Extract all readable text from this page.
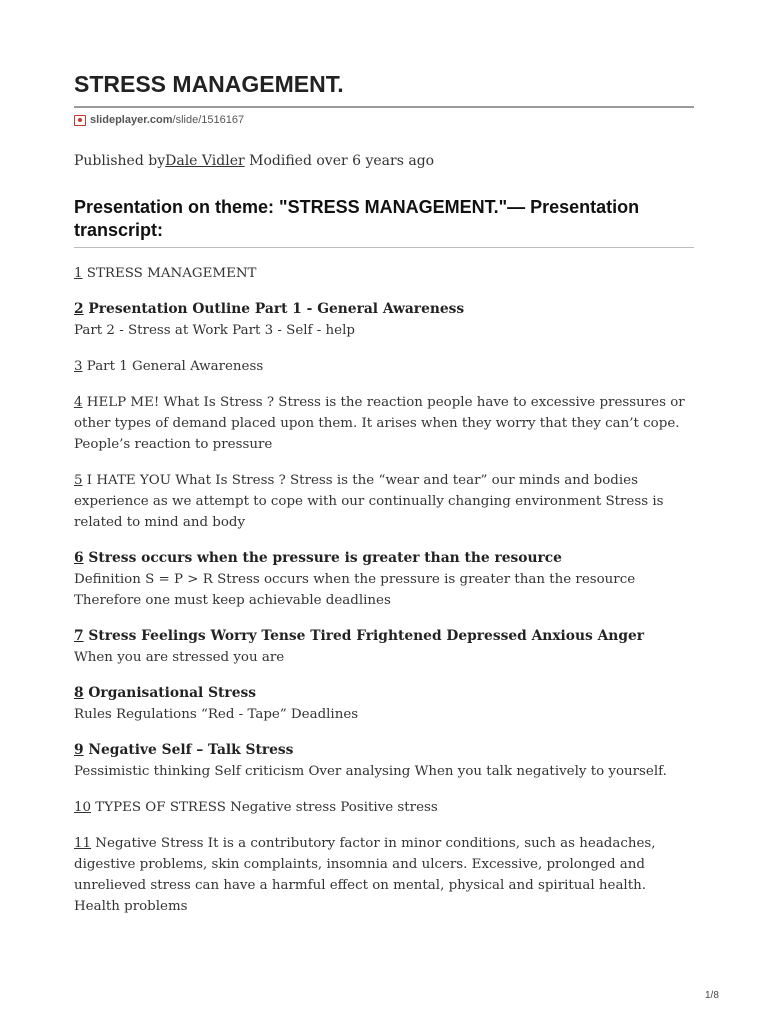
STRESS MANAGEMENT.
slideplayer.com/slide/1516167
Published byDale Vidler Modified over 6 years ago
Presentation on theme: "STRESS MANAGEMENT."— Presentation transcript:

1 STRESS MANAGEMENT

2 Presentation Outline Part 1 - General Awareness
Part 2 - Stress at Work Part 3 - Self - help

3 Part 1 General Awareness

4 HELP ME! What Is Stress ? Stress is the reaction people have to excessive pressures or other types of demand placed upon them. It arises when they worry that they can’t cope. People’s reaction to pressure

5 I HATE YOU What Is Stress ? Stress is the “wear and tear” our minds and bodies experience as we attempt to cope with our continually changing environment Stress is related to mind and body

6 Stress occurs when the pressure is greater than the resource
Definition S = P > R Stress occurs when the pressure is greater than the resource Therefore one must keep achievable deadlines

7 Stress Feelings Worry Tense Tired Frightened Depressed Anxious Anger
When you are stressed you are

8 Organisational Stress
Rules Regulations “Red - Tape” Deadlines

9 Negative Self – Talk Stress
Pessimistic thinking Self criticism Over analysing When you talk negatively to yourself.

10 TYPES OF STRESS Negative stress Positive stress

11 Negative Stress It is a contributory factor in minor conditions, such as headaches, digestive problems, skin complaints, insomnia and ulcers. Excessive, prolonged and unrelieved stress can have a harmful effect on mental, physical and spiritual health. Health problems

1/8
